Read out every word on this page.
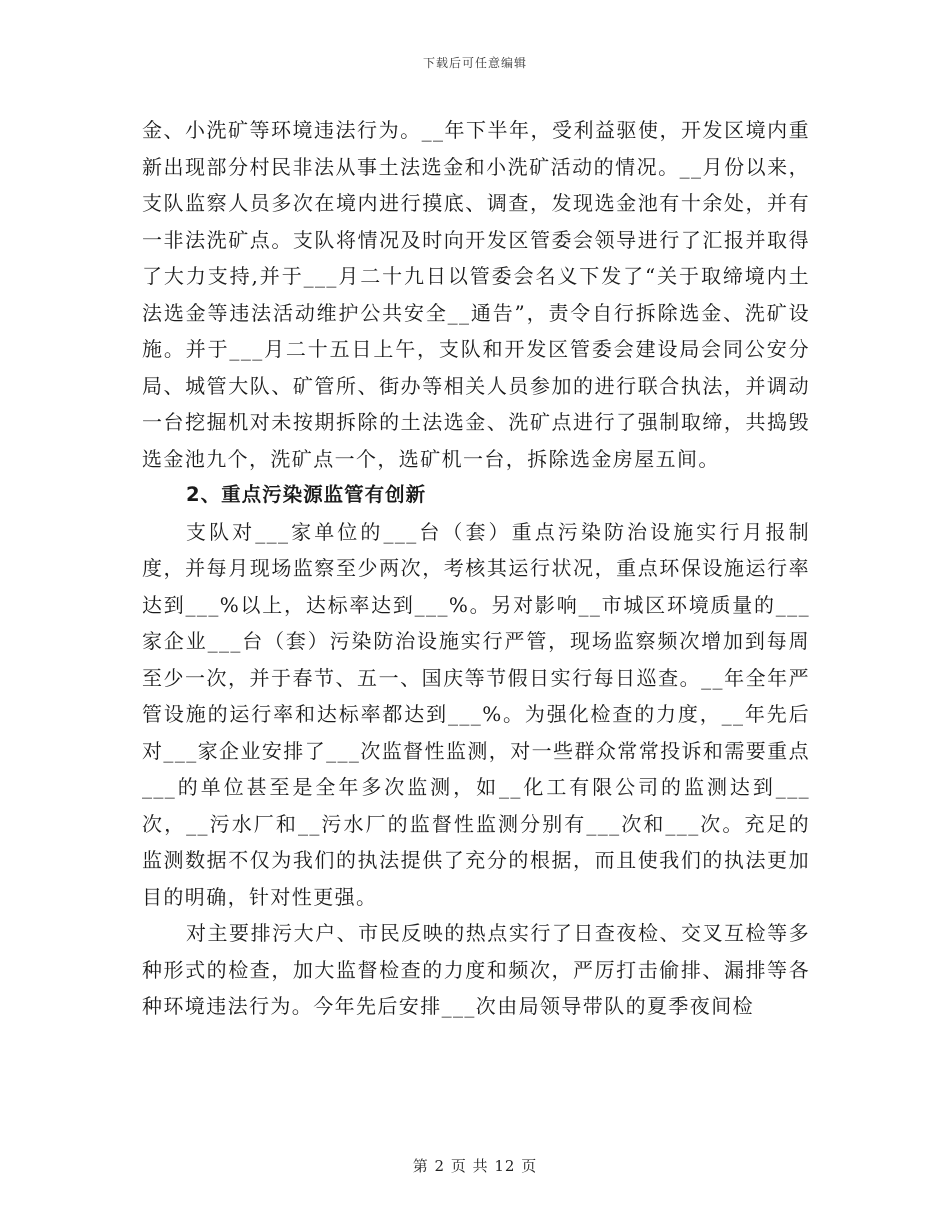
下载后可任意编辑

金、小洗矿等环境违法行为。__年下半年，受利益驱使，开发区境内重新出现部分村民非法从事土法选金和小洗矿活动的情况。__月份以来，支队监察人员多次在境内进行摸底、调查，发现选金池有十余处，并有一非法洗矿点。支队将情况及时向开发区管委会领导进行了汇报并取得了大力支持,并于___月二十九日以管委会名义下发了“关于取缔境内土法选金等违法活动维护公共安全__通告”，责令自行拆除选金、洗矿设施。并于___月二十五日上午，支队和开发区管委会建设局会同公安分局、城管大队、矿管所、街办等相关人员参加的进行联合执法，并调动一台挖掘机对未按期拆除的土法选金、洗矿点进行了强制取缔，共捣毁选金池九个，洗矿点一个，选矿机一台，拆除选金房屋五间。

2、重点污染源监管有创新

支队对___家单位的___台（套）重点污染防治设施实行月报制度，并每月现场监察至少两次，考核其运行状况，重点环保设施运行率达到___%以上，达标率达到___%。另对影响__市城区环境质量的___家企业___台（套）污染防治设施实行严管，现场监察频次增加到每周至少一次，并于春节、五一、国庆等节假日实行每日巡查。__年全年严管设施的运行率和达标率都达到___%。为强化检查的力度，__年先后对___家企业安排了___次监督性监测，对一些群众常常投诉和需要重点___的单位甚至是全年多次监测，如__化工有限公司的监测达到___次，__污水厂和__污水厂的监督性监测分别有___次和___次。充足的监测数据不仅为我们的执法提供了充分的根据，而且使我们的执法更加目的明确，针对性更强。

对主要排污大户、市民反映的热点实行了日查夜检、交叉互检等多种形式的检查，加大监督检查的力度和频次，严厉打击偷排、漏排等各种环境违法行为。今年先后安排___次由局领导带队的夏季夜间检

第 2 页 共 12 页
